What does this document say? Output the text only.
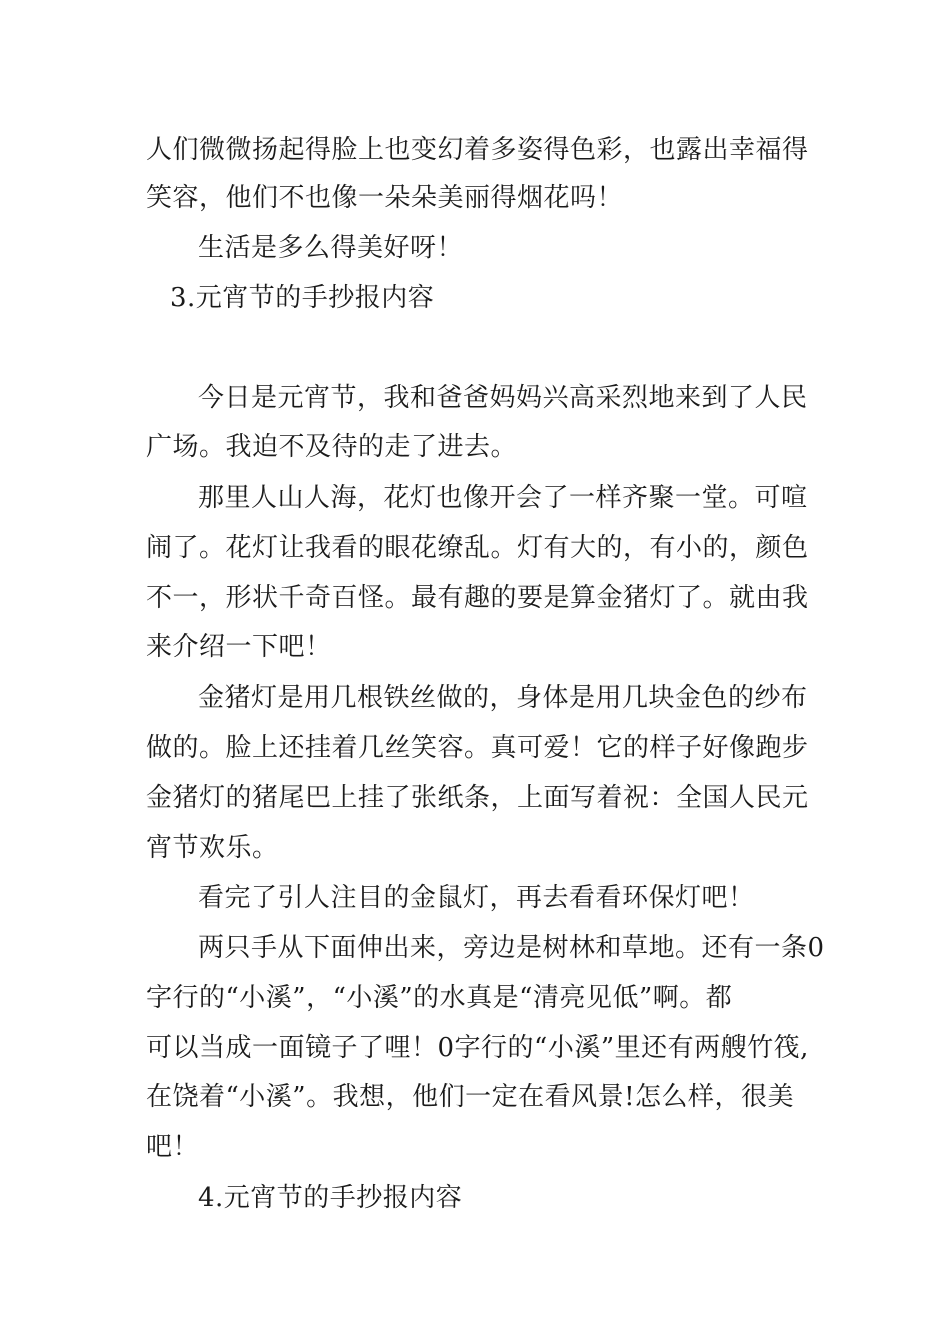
人们微微扬起得脸上也变幻着多姿得色彩，也露出幸福得
笑容，他们不也像一朵朵美丽得烟花吗！
生活是多么得美好呀！
3.元宵节的手抄报内容
今日是元宵节，我和爸爸妈妈兴高采烈地来到了人民
广场。我迫不及待的走了进去。
那里人山人海，花灯也像开会了一样齐聚一堂。可喧
闹了。花灯让我看的眼花缭乱。灯有大的，有小的，颜色
不一，形状千奇百怪。最有趣的要是算金猪灯了。就由我
来介绍一下吧！
金猪灯是用几根铁丝做的，身体是用几块金色的纱布
做的。脸上还挂着几丝笑容。真可爱！它的样子好像跑步
金猪灯的猪尾巴上挂了张纸条，上面写着祝：全国人民元
宵节欢乐。
看完了引人注目的金鼠灯，再去看看环保灯吧！
两只手从下面伸出来，旁边是树林和草地。还有一条0
字行的“小溪”，“小溪”的水真是“清亮见低”啊。都
可以当成一面镜子了哩！0字行的“小溪”里还有两艘竹筏,
在饶着“小溪”。我想，他们一定在看风景!怎么样，很美
吧！
4.元宵节的手抄报内容
